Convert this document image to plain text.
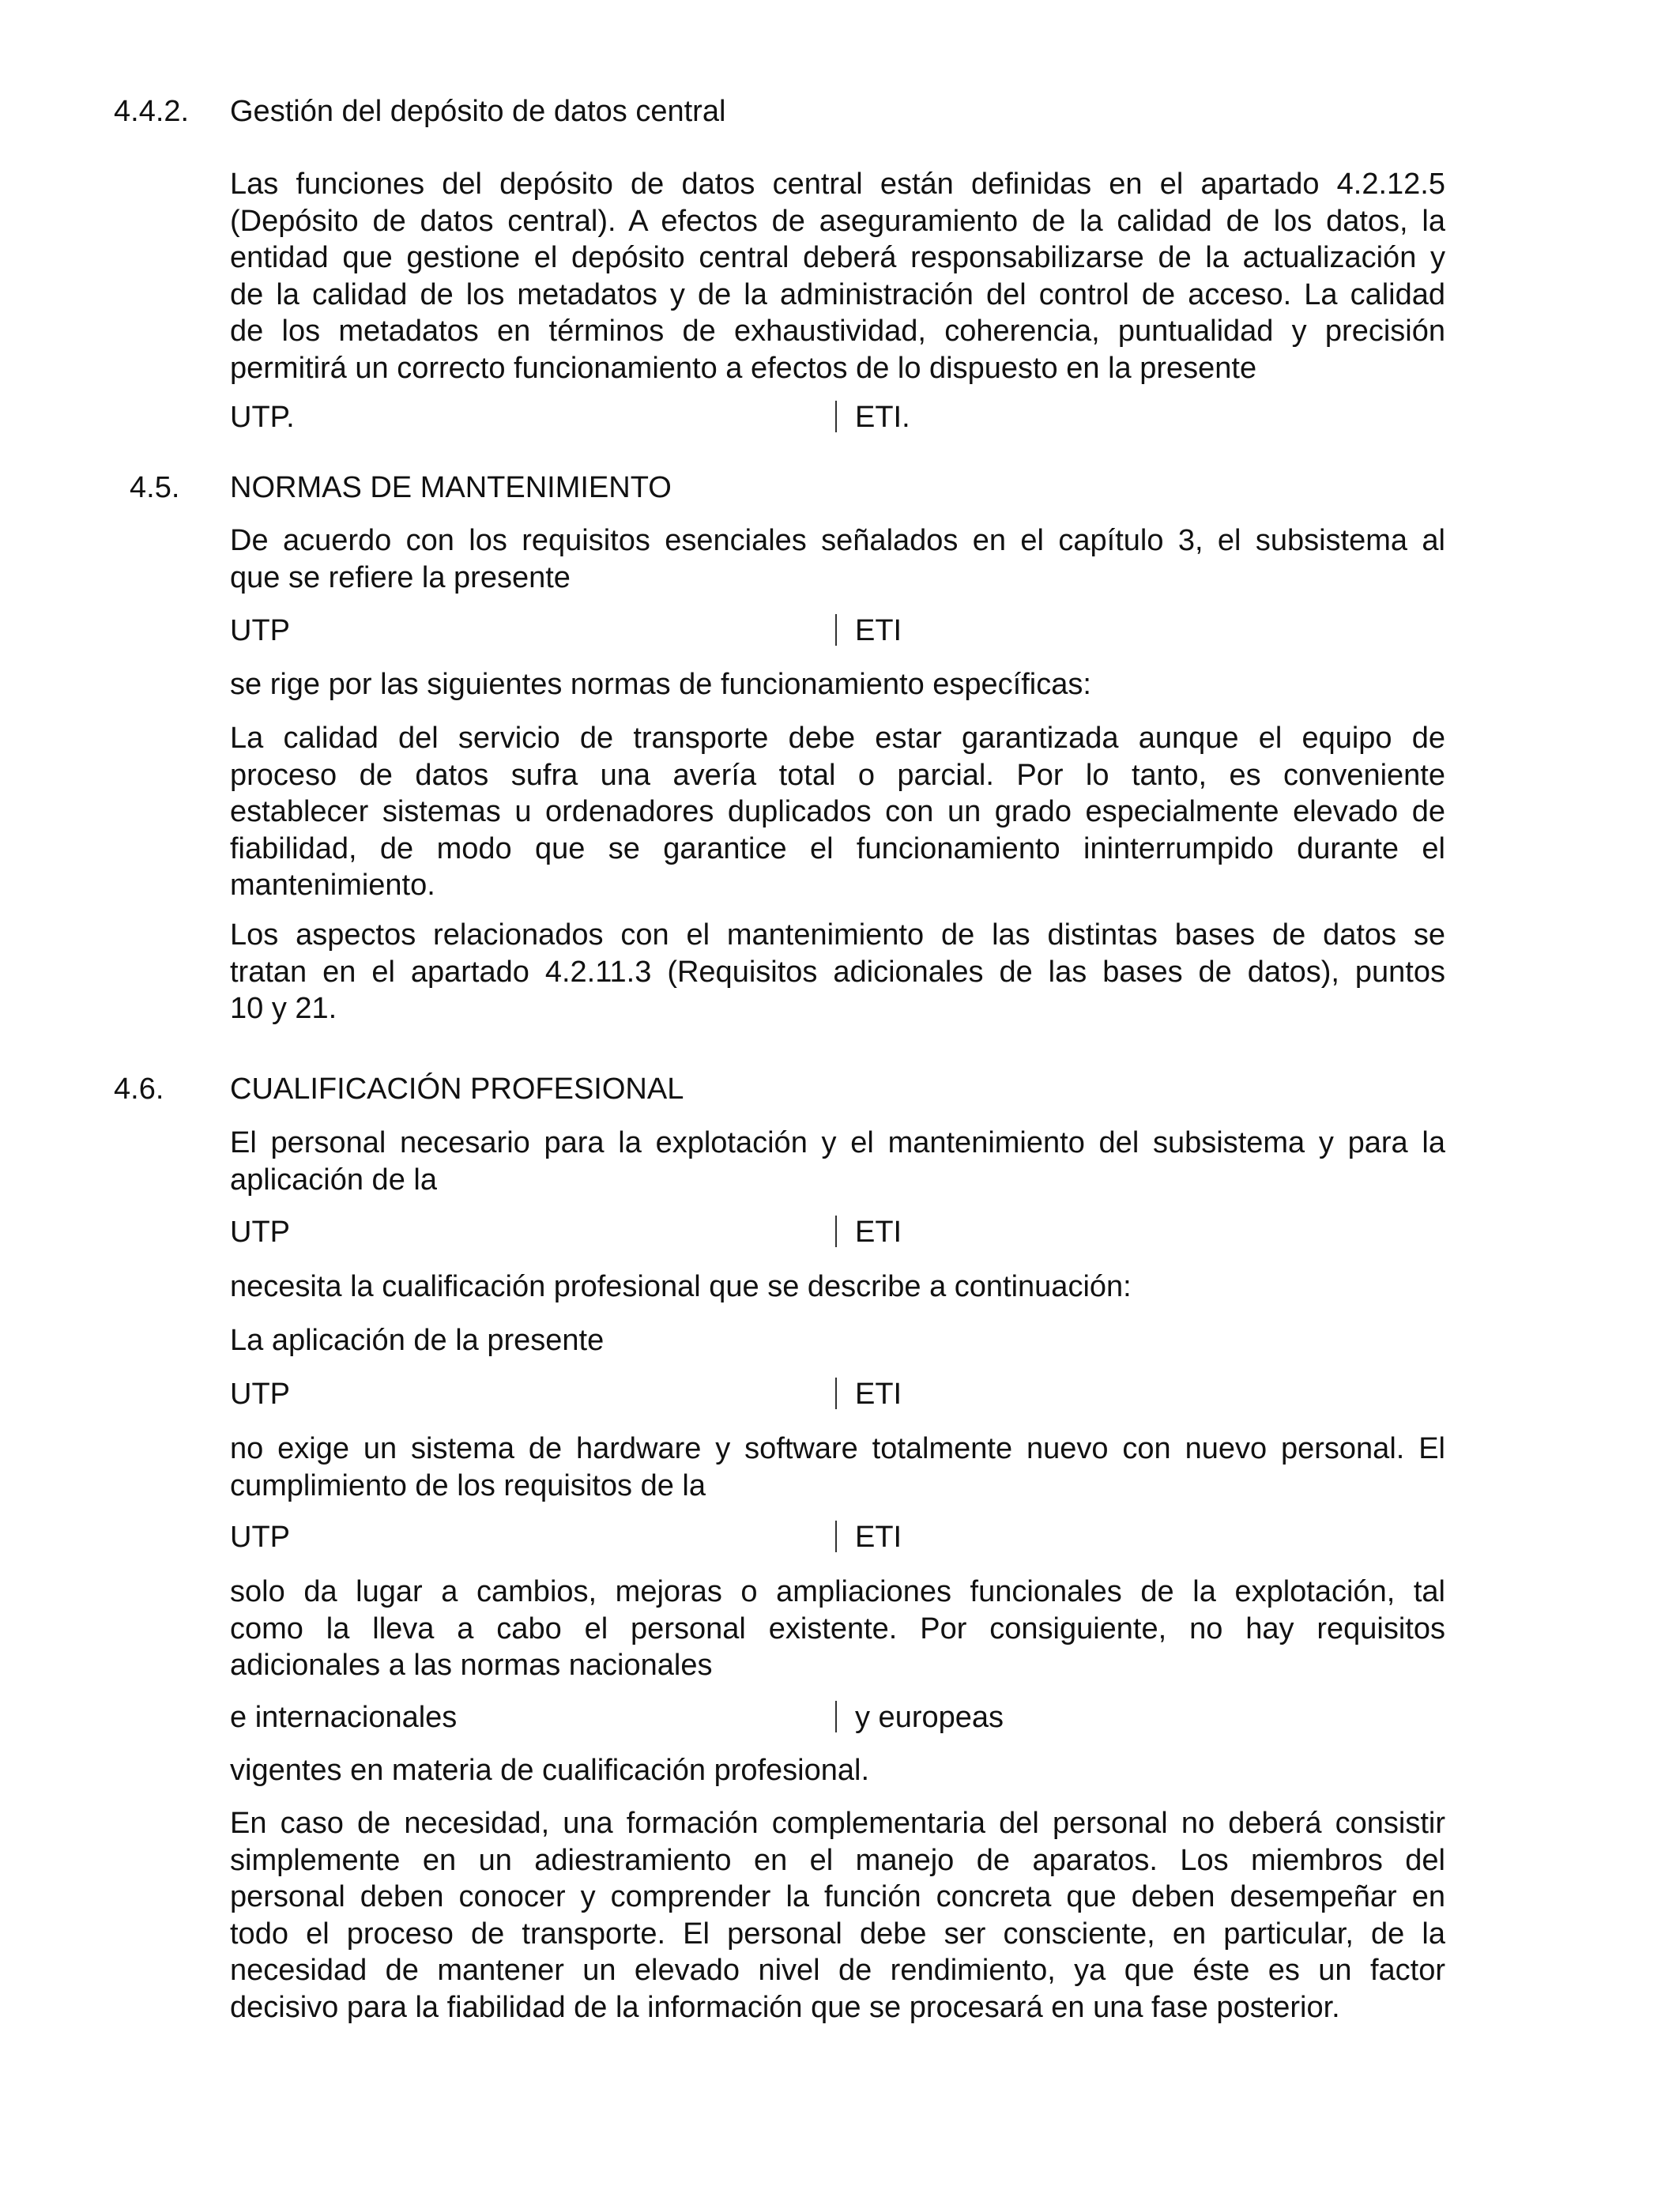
4.4.2. Gestión del depósito de datos central
Las funciones del depósito de datos central están definidas en el apartado 4.2.12.5
(Depósito de datos central). A efectos de aseguramiento de la calidad de los datos, la
entidad que gestione el depósito central deberá responsabilizarse de la actualización y
de la calidad de los metadatos y de la administración del control de acceso. La calidad
de los metadatos en términos de exhaustividad, coherencia, puntualidad y precisión
permitirá un correcto funcionamiento a efectos de lo dispuesto en la presente
UTP.	ETI.
4.5. NORMAS DE MANTENIMIENTO
De acuerdo con los requisitos esenciales señalados en el capítulo 3, el subsistema al
que se refiere la presente
UTP	ETI
se rige por las siguientes normas de funcionamiento específicas:
La calidad del servicio de transporte debe estar garantizada aunque el equipo de
proceso de datos sufra una avería total o parcial. Por lo tanto, es conveniente
establecer sistemas u ordenadores duplicados con un grado especialmente elevado de
fiabilidad, de modo que se garantice el funcionamiento ininterrumpido durante el
mantenimiento.
Los aspectos relacionados con el mantenimiento de las distintas bases de datos se
tratan en el apartado 4.2.11.3 (Requisitos adicionales de las bases de datos), puntos
10 y 21.
4.6. CUALIFICACIÓN PROFESIONAL
El personal necesario para la explotación y el mantenimiento del subsistema y para la
aplicación de la
UTP	ETI
necesita la cualificación profesional que se describe a continuación:
La aplicación de la presente
UTP	ETI
no exige un sistema de hardware y software totalmente nuevo con nuevo personal. El
cumplimiento de los requisitos de la
UTP	ETI
solo da lugar a cambios, mejoras o ampliaciones funcionales de la explotación, tal
como la lleva a cabo el personal existente. Por consiguiente, no hay requisitos
adicionales a las normas nacionales
e internacionales	y europeas
vigentes en materia de cualificación profesional.
En caso de necesidad, una formación complementaria del personal no deberá consistir
simplemente en un adiestramiento en el manejo de aparatos. Los miembros del
personal deben conocer y comprender la función concreta que deben desempeñar en
todo el proceso de transporte. El personal debe ser consciente, en particular, de la
necesidad de mantener un elevado nivel de rendimiento, ya que éste es un factor
decisivo para la fiabilidad de la información que se procesará en una fase posterior.
